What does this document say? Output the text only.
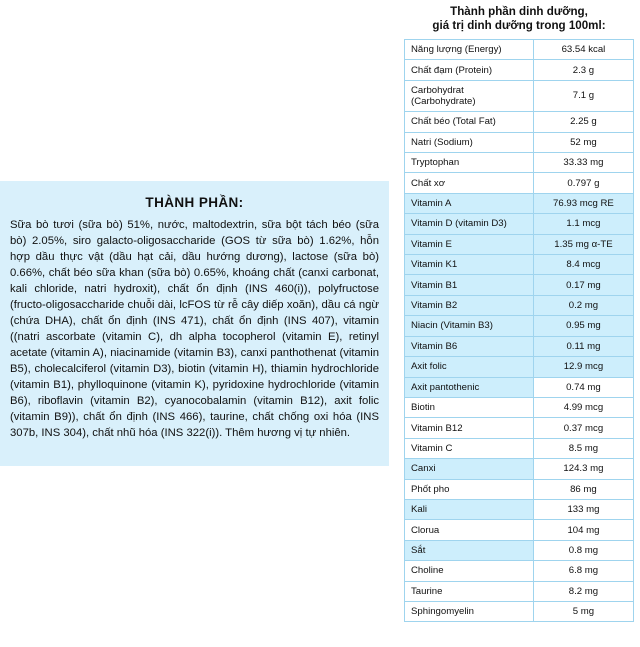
THÀNH PHẦN:
Sữa bò tươi (sữa bò) 51%, nước, maltodextrin, sữa bột tách béo (sữa bò) 2.05%, siro galacto-oligosaccharide (GOS từ sữa bò) 1.62%, hỗn hợp dầu thực vật (dầu hạt cải, dầu hướng dương), lactose (sữa bò) 0.66%, chất béo sữa khan (sữa bò) 0.65%, khoáng chất (canxi carbonat, kali chloride, natri hydroxit), chất ổn định (INS 460(i)), polyfructose (fructo-oligosaccharide chuỗi dài, lcFOS từ rễ cây diếp xoăn), dầu cá ngừ (chứa DHA), chất ổn định (INS 471), chất ổn định (INS 407), vitamin ((natri ascorbate (vitamin C), dh alpha tocopherol (vitamin E), retinyl acetate (vitamin A), niacinamide (vitamin B3), canxi panthothenat (vitamin B5), cholecalciferol (vitamin D3), biotin (vitamin H), thiamin hydrochloride (vitamin B1), phylloquinone (vitamin K), pyridoxine hydrochloride (vitamin B6), riboflavin (vitamin B2), cyanocobalamin (vitamin B12), axit folic (vitamin B9)), chất ổn định (INS 466), taurine, chất chống oxi hóa (INS 307b, INS 304), chất nhũ hóa (INS 322(i)). Thêm hương vị tự nhiên.
Thành phần dinh dưỡng,
giá trị dinh dưỡng trong 100ml:
Năng lượng (Energy)	63.54 kcal
Chất đạm (Protein)	2.3 g
Carbohydrat (Carbohydrate)	7.1 g
Chất béo (Total Fat)	2.25 g
Natri (Sodium)	52 mg
Tryptophan	33.33 mg
Chất xơ	0.797 g
Vitamin A	76.93 mcg RE
Vitamin D (vitamin D3)	1.1 mcg
Vitamin E	1.35 mg α-TE
Vitamin K1	8.4 mcg
Vitamin B1	0.17 mg
Vitamin B2	0.2 mg
Niacin (Vitamin B3)	0.95 mg
Vitamin B6	0.11 mg
Axit folic	12.9 mcg
Axit pantothenic	0.74 mg
Biotin	4.99 mcg
Vitamin B12	0.37 mcg
Vitamin C	8.5 mg
Canxi	124.3 mg
Phốt pho	86 mg
Kali	133 mg
Clorua	104 mg
Sắt	0.8 mg
Choline	6.8 mg
Taurine	8.2 mg
Sphingomyelin	5 mg
